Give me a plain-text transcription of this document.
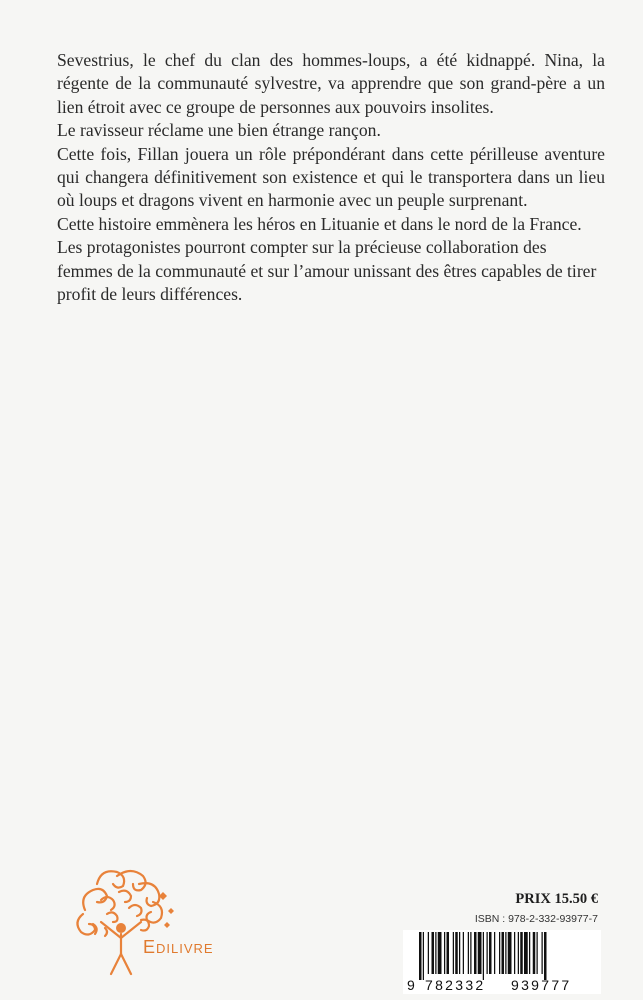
Sevestrius, le chef du clan des hommes-loups, a été kidnappé. Nina, la régente de la communauté sylvestre, va apprendre que son grand-père a un lien étroit avec ce groupe de personnes aux pouvoirs insolites.

Le ravisseur réclame une bien étrange rançon.

Cette fois, Fillan jouera un rôle prépondérant dans cette périlleuse aventure qui changera définitivement son existence et qui le transportera dans un lieu où loups et dragons vivent en harmonie avec un peuple surprenant.

Cette histoire emmènera les héros en Lituanie et dans le nord de la France.

Les protagonistes pourront compter sur la précieuse collaboration des femmes de la communauté et sur l’amour unissant des êtres capables de tirer profit de leurs différences.

Edilivre
PRIX 15.50 €
ISBN : 978-2-332-93977-7
9 782332 939777
